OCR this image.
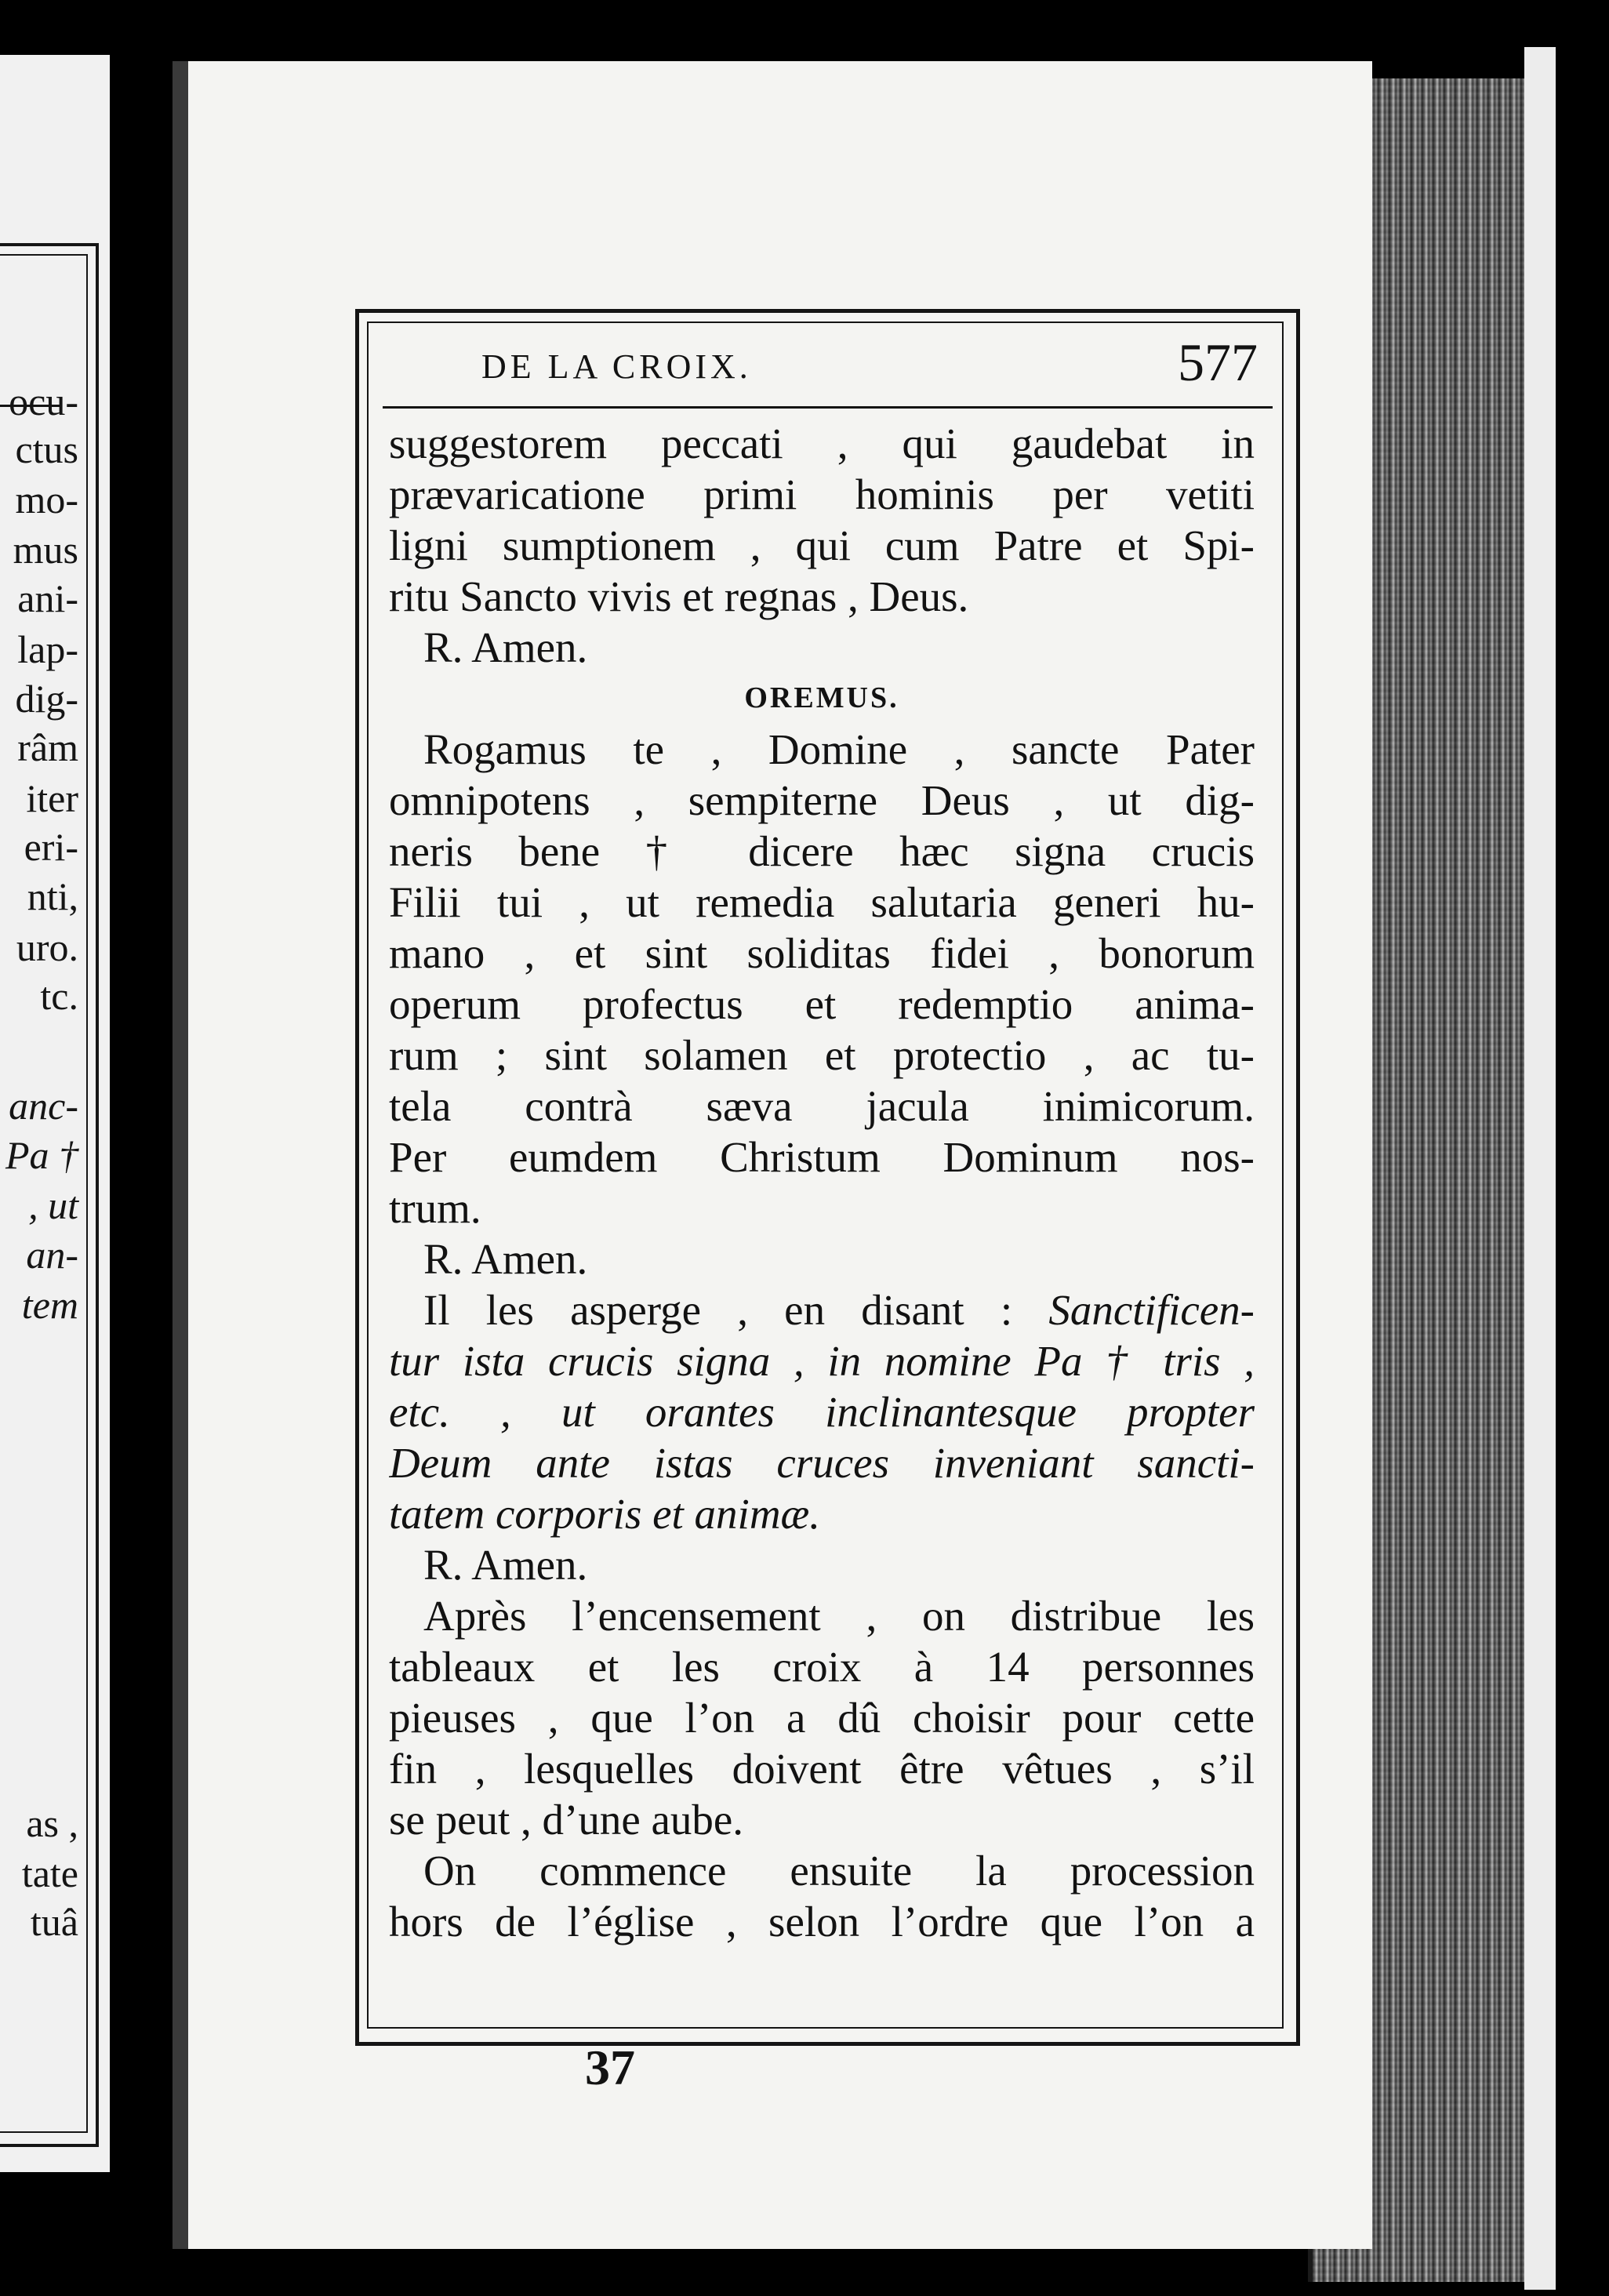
ocu-
ctus
mo-
mus
ani-
lap-
dig-
râm
iter
eri-
nti,
uro.
tc.
anc-
Pa †
, ut
an-
tem
as ,
tate
tuâ
DE LA CROIX.	577
suggestorem peccati , qui gaudebat in
prævaricatione primi hominis per vetiti
ligni sumptionem , qui cum Patre et Spi-
ritu Sancto vivis et regnas , Deus.
R. Amen.
OREMUS.
Rogamus te , Domine , sancte Pater
omnipotens , sempiterne Deus , ut dig-
neris bene † dicere hæc signa crucis
Filii tui , ut remedia salutaria generi hu-
mano , et sint soliditas fidei , bonorum
operum profectus et redemptio anima-
rum ; sint solamen et protectio , ac tu-
tela contrà sæva jacula inimicorum.
Per eumdem Christum Dominum nos-
trum.
R. Amen.
Il les asperge , en disant : Sanctificen-
tur ista crucis signa , in nomine Pa † tris ,
etc. , ut orantes inclinantesque propter
Deum ante istas cruces inveniant sancti-
tatem corporis et animæ.
R. Amen.
Après l’encensement , on distribue les
tableaux et les croix à 14 personnes
pieuses , que l’on a dû choisir pour cette
fin , lesquelles doivent être vêtues , s’il
se peut , d’une aube.
On commence ensuite la procession
hors de l’église , selon l’ordre que l’on a
37
